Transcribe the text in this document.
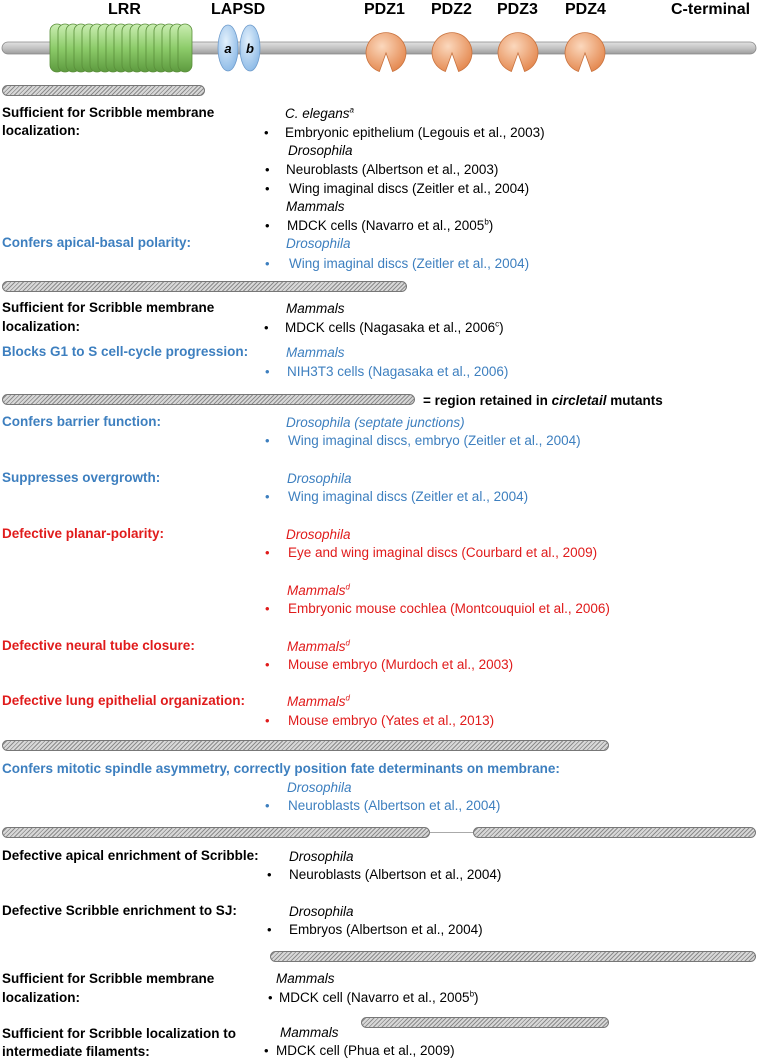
a b
LRR	LAPSD	PDZ1 PDZ2 PDZ3 PDZ4	C-terminal
Sufficient for Scribble membrane
localization:
C. elegans$^a$
• Embryonic epithelium (Legouis et al., 2003)
Drosophila
• Neuroblasts (Albertson et al., 2003)
• Wing imaginal discs (Zeitler et al., 2004)
Mammals
• MDCK cells (Navarro et al., 2005$^b$)
Confers apical-basal polarity:	Drosophila
• Wing imaginal discs (Zeitler et al., 2004)
Sufficient for Scribble membrane
localization:
Mammals
• MDCK cells (Nagasaka et al., 2006$^c$)
Blocks G1 to S cell-cycle progression:	Mammals
• NIH3T3 cells (Nagasaka et al., 2006)
= region retained in circletail mutants
Confers barrier function:	Drosophila (septate junctions)
• Wing imaginal discs, embryo (Zeitler et al., 2004)
Suppresses overgrowth:	Drosophila
• Wing imaginal discs (Zeitler et al., 2004)
Defective planar-polarity:	Drosophila
• Eye and wing imaginal discs (Courbard et al., 2009)
Mammals$^d$
• Embryonic mouse cochlea (Montcouquiol et al., 2006)
Defective neural tube closure:	Mammals$^d$
• Mouse embryo (Murdoch et al., 2003)
Defective lung epithelial organization:	Mammals$^d$
• Mouse embryo (Yates et al., 2013)
Confers mitotic spindle asymmetry, correctly position fate determinants on membrane:
Drosophila
• Neuroblasts (Albertson et al., 2004)
Defective apical enrichment of Scribble: Drosophila
• Neuroblasts (Albertson et al., 2004)
Defective Scribble enrichment to SJ:	Drosophila
• Embryos (Albertson et al., 2004)
Sufficient for Scribble membrane
localization:
Mammals
• MDCK cell (Navarro et al., 2005$^b$)
Sufficient for Scribble localization to
intermediate filaments:
Mammals
• MDCK cell (Phua et al., 2009)
